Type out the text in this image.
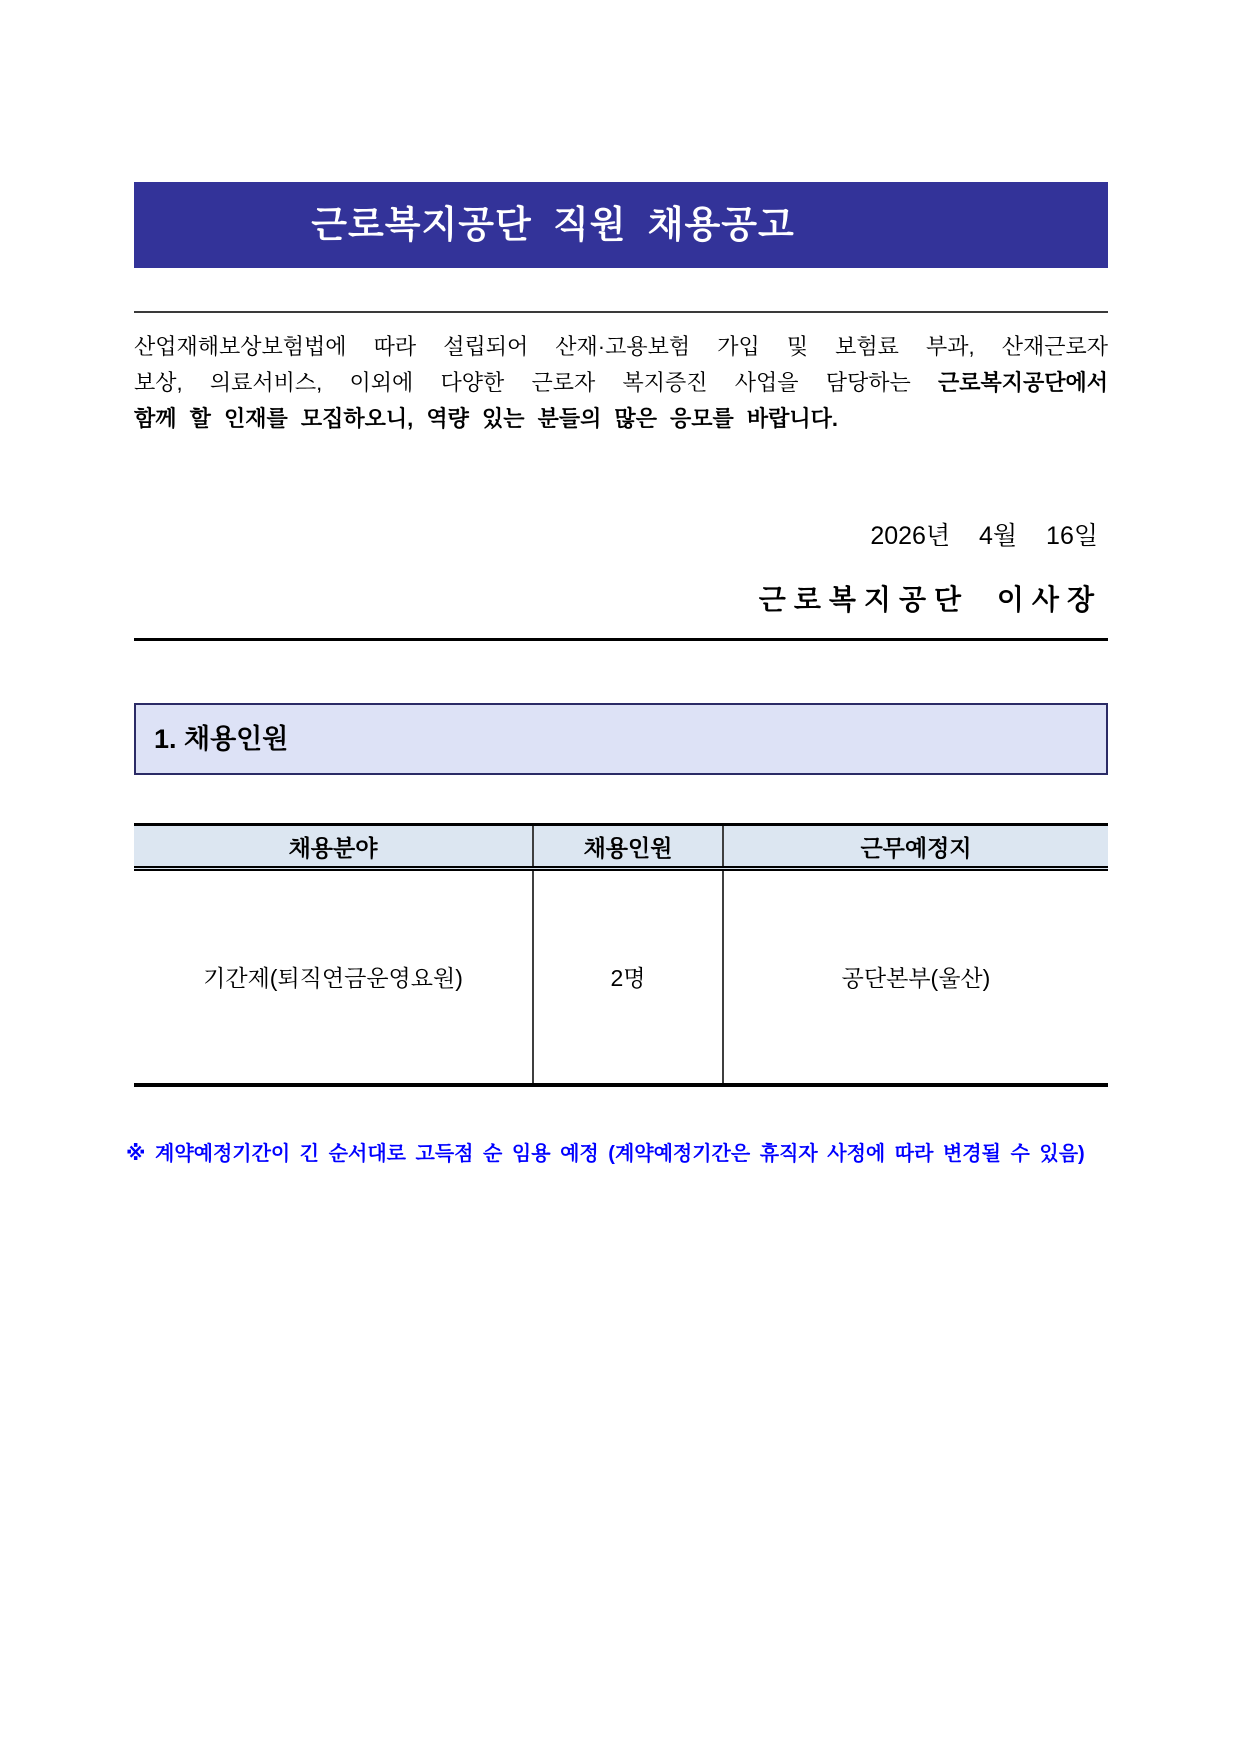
근로복지공단 직원 채용공고
산업재해보상보험법에 따라 설립되어 산재·고용보험 가입 및 보험료 부과, 산재근로자
보상, 의료서비스, 이외에 다양한 근로자 복지증진 사업을 담당하는 근로복지공단에서
함께 할 인재를 모집하오니, 역량 있는 분들의 많은 응모를 바랍니다.
2026년 4월 16일
근로복지공단 이사장
1. 채용인원
채용분야	채용인원	근무예정지
기간제(퇴직연금운영요원)	2명	공단본부(울산)
※ 계약예정기간이 긴 순서대로 고득점 순 임용 예정 (계약예정기간은 휴직자 사정에 따라 변경될 수 있음)
